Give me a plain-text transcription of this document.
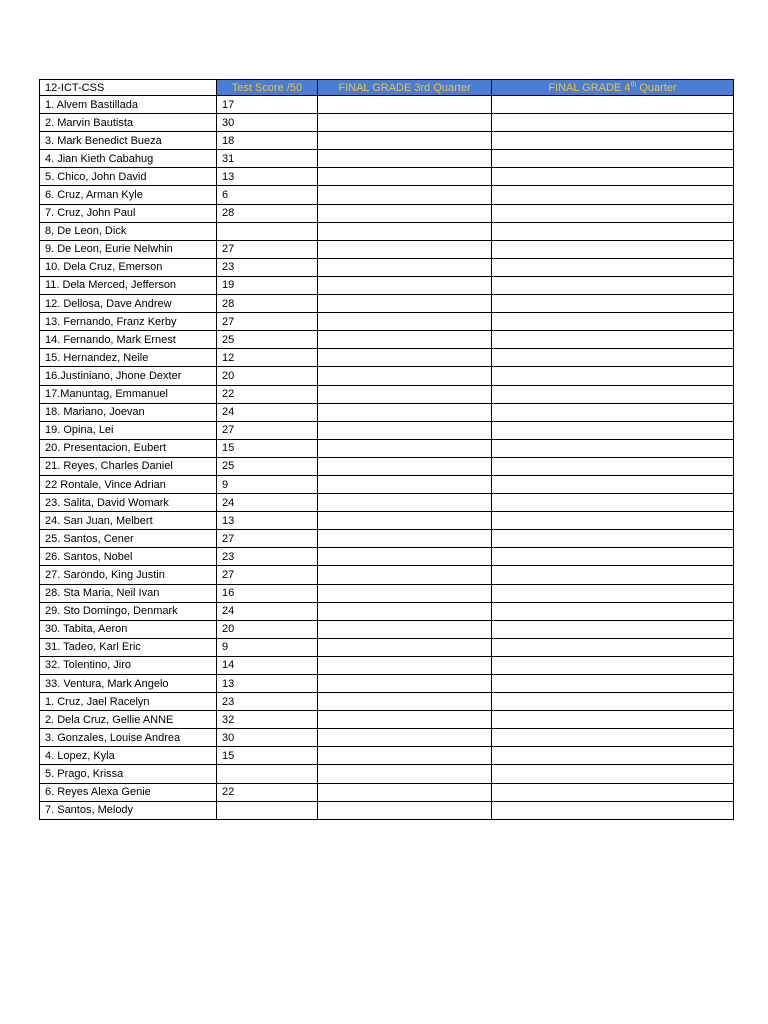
12-ICT-CSS	Test Score /50	FINAL GRADE 3rd Quarter	FINAL GRADE 4th Quarter
1. Alvem Bastillada	17		
2. Marvin Bautista	30		
3. Mark Benedict Bueza	18		
4. Jian Kieth Cabahug	31		
5. Chico, John David	13		
6. Cruz, Arman Kyle	6		
7. Cruz, John Paul	28		
8, De Leon, Dick			
9. De Leon, Eurie Nelwhin	27		
10. Dela Cruz, Emerson	23		
11. Dela Merced, Jefferson	19		
12. Dellosa, Dave Andrew	28		
13. Fernando, Franz Kerby	27		
14. Fernando, Mark Ernest	25		
15. Hernandez, Neile	12		
16.Justiniano, Jhone Dexter	20		
17.Manuntag, Emmanuel	22		
18. Mariano, Joevan	24		
19. Opina, Lei	27		
20. Presentacion, Eubert	15		
21. Reyes, Charles Daniel	25		
22 Rontale, Vince Adrian	9		
23. Salita, David Womark	24		
24. San Juan, Melbert	13		
25. Santos, Cener	27		
26. Santos, Nobel	23		
27. Sarondo, King Justin	27		
28. Sta Maria, Neil Ivan	16		
29. Sto Domingo, Denmark	24		
30. Tabita, Aeron	20		
31. Tadeo, Karl Eric	9		
32. Tolentino, Jiro	14		
33. Ventura, Mark Angelo	13		
1. Cruz, Jael Racelyn	23		
2. Dela Cruz, Gellie ANNE	32		
3. Gonzales, Louise Andrea	30		
4. Lopez, Kyla	15		
5. Prago, Krissa			
6. Reyes Alexa Genie	22		
7. Santos, Melody			
